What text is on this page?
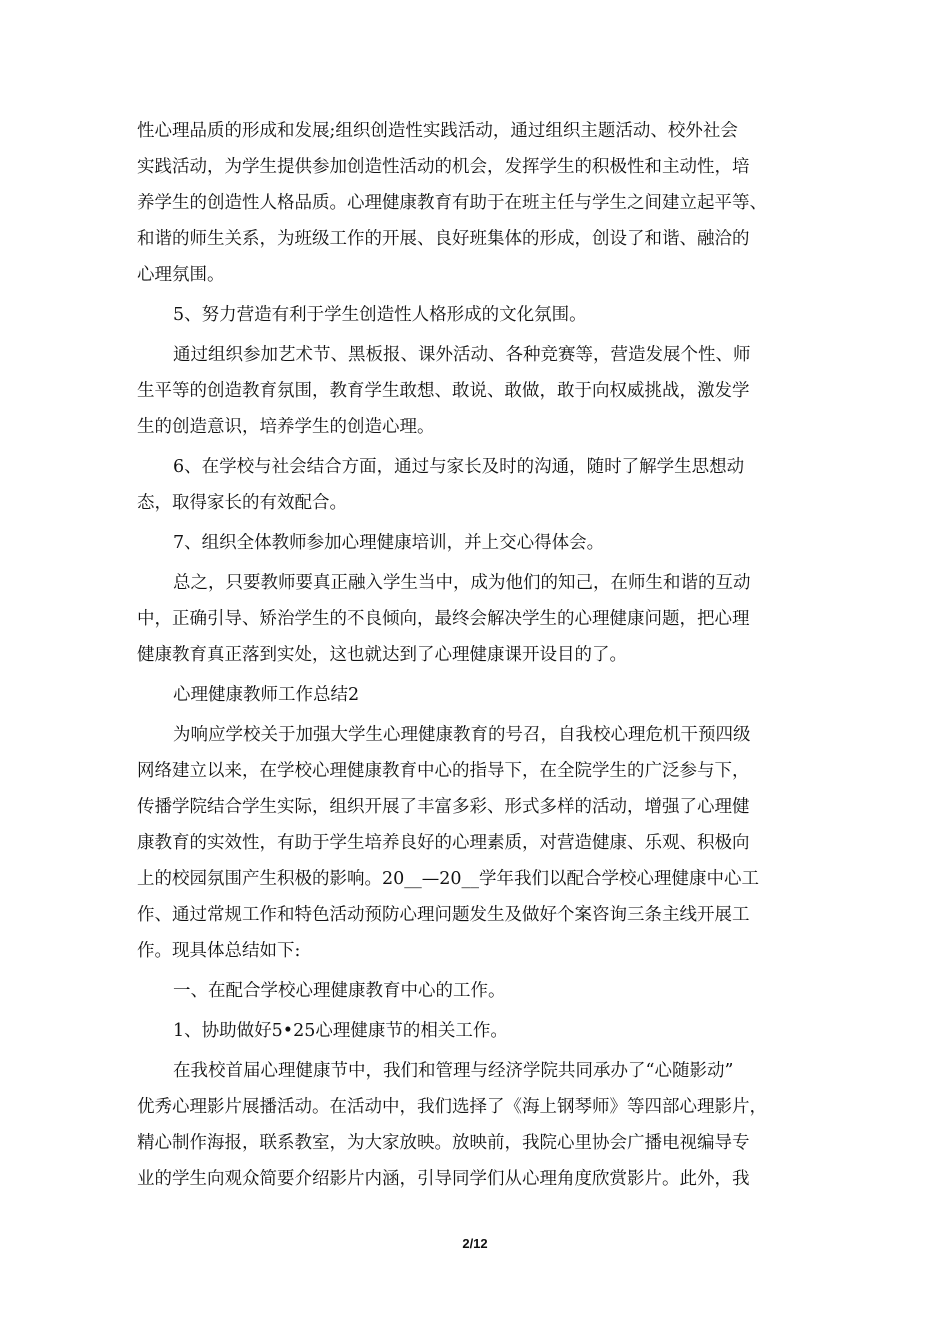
性心理品质的形成和发展;组织创造性实践活动，通过组织主题活动、校外社会
实践活动，为学生提供参加创造性活动的机会，发挥学生的积极性和主动性，培
养学生的创造性人格品质。心理健康教育有助于在班主任与学生之间建立起平等、
和谐的师生关系，为班级工作的开展、良好班集体的形成，创设了和谐、融洽的
心理氛围。
5、努力营造有利于学生创造性人格形成的文化氛围。
通过组织参加艺术节、黑板报、课外活动、各种竞赛等，营造发展个性、师
生平等的创造教育氛围，教育学生敢想、敢说、敢做，敢于向权威挑战，激发学
生的创造意识，培养学生的创造心理。
6、在学校与社会结合方面，通过与家长及时的沟通，随时了解学生思想动
态，取得家长的有效配合。
7、组织全体教师参加心理健康培训，并上交心得体会。
总之，只要教师要真正融入学生当中，成为他们的知己，在师生和谐的互动
中，正确引导、矫治学生的不良倾向，最终会解决学生的心理健康问题，把心理
健康教育真正落到实处，这也就达到了心理健康课开设目的了。
心理健康教师工作总结2
为响应学校关于加强大学生心理健康教育的号召，自我校心理危机干预四级
网络建立以来，在学校心理健康教育中心的指导下，在全院学生的广泛参与下，
传播学院结合学生实际，组织开展了丰富多彩、形式多样的活动，增强了心理健
康教育的实效性，有助于学生培养良好的心理素质，对营造健康、乐观、积极向
上的校园氛围产生积极的影响。20__—20__学年我们以配合学校心理健康中心工
作、通过常规工作和特色活动预防心理问题发生及做好个案咨询三条主线开展工
作。现具体总结如下:
一、在配合学校心理健康教育中心的工作。
1、协助做好5•25心理健康节的相关工作。
在我校首届心理健康节中，我们和管理与经济学院共同承办了“心随影动”
优秀心理影片展播活动。在活动中，我们选择了《海上钢琴师》等四部心理影片，
精心制作海报，联系教室，为大家放映。放映前，我院心里协会广播电视编导专
业的学生向观众简要介绍影片内涵，引导同学们从心理角度欣赏影片。此外，我
2/12
